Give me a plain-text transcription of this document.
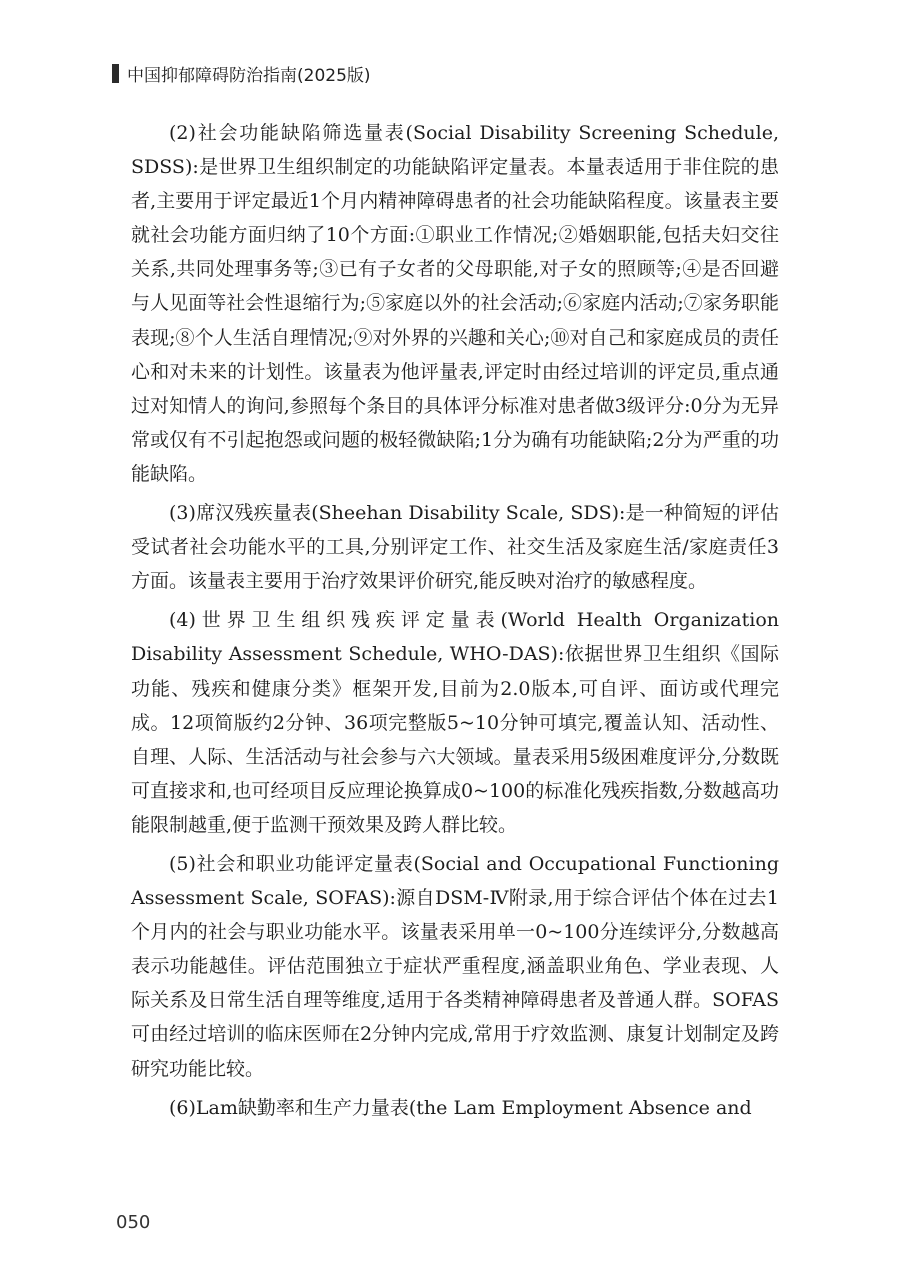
中国抑郁障碍防治指南(2025版)

(2)社会功能缺陷筛选量表(Social Disability Screening Schedule, SDSS):是世界卫生组织制定的功能缺陷评定量表。本量表适用于非住院的患者,主要用于评定最近1个月内精神障碍患者的社会功能缺陷程度。该量表主要就社会功能方面归纳了10个方面:①职业工作情况;②婚姻职能,包括夫妇交往关系,共同处理事务等;③已有子女者的父母职能,对子女的照顾等;④是否回避与人见面等社会性退缩行为;⑤家庭以外的社会活动;⑥家庭内活动;⑦家务职能表现;⑧个人生活自理情况;⑨对外界的兴趣和关心;⑩对自己和家庭成员的责任心和对未来的计划性。该量表为他评量表,评定时由经过培训的评定员,重点通过对知情人的询问,参照每个条目的具体评分标准对患者做3级评分:0分为无异常或仅有不引起抱怨或问题的极轻微缺陷;1分为确有功能缺陷;2分为严重的功能缺陷。

(3)席汉残疾量表(Sheehan Disability Scale, SDS):是一种简短的评估受试者社会功能水平的工具,分别评定工作、社交生活及家庭生活/家庭责任3方面。该量表主要用于治疗效果评价研究,能反映对治疗的敏感程度。

(4)世界卫生组织残疾评定量表(World Health Organization Disability Assessment Schedule, WHO-DAS):依据世界卫生组织《国际功能、残疾和健康分类》框架开发,目前为2.0版本,可自评、面访或代理完成。12项简版约2分钟、36项完整版5~10分钟可填完,覆盖认知、活动性、自理、人际、生活活动与社会参与六大领域。量表采用5级困难度评分,分数既可直接求和,也可经项目反应理论换算成0~100的标准化残疾指数,分数越高功能限制越重,便于监测干预效果及跨人群比较。

(5)社会和职业功能评定量表(Social and Occupational Functioning Assessment Scale, SOFAS):源自DSM-Ⅳ附录,用于综合评估个体在过去1个月内的社会与职业功能水平。该量表采用单一0~100分连续评分,分数越高表示功能越佳。评估范围独立于症状严重程度,涵盖职业角色、学业表现、人际关系及日常生活自理等维度,适用于各类精神障碍患者及普通人群。SOFAS可由经过培训的临床医师在2分钟内完成,常用于疗效监测、康复计划制定及跨研究功能比较。

(6)Lam缺勤率和生产力量表(the Lam Employment Absence and

050
